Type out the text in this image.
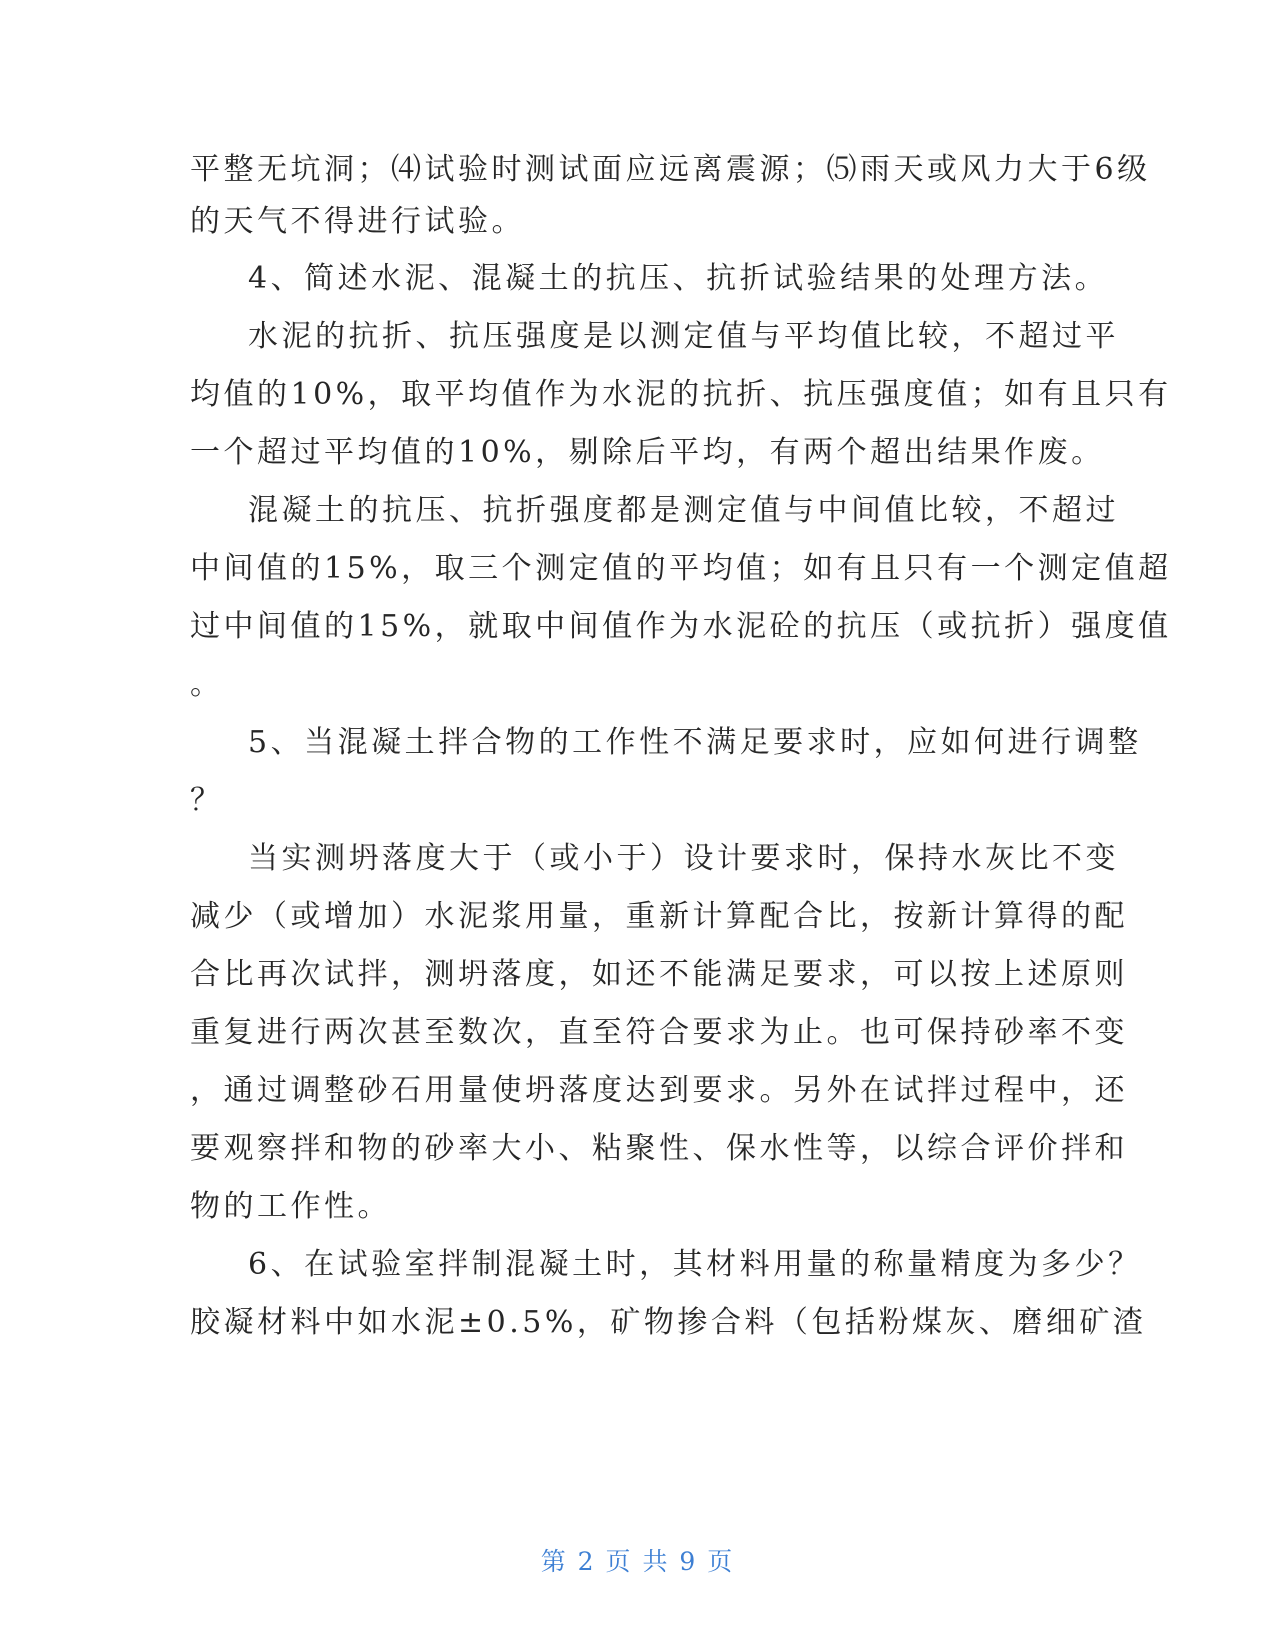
平整无坑洞；⑷试验时测试面应远离震源；⑸雨天或风力大于6级
的天气不得进行试验。
4、简述水泥、混凝土的抗压、抗折试验结果的处理方法。
水泥的抗折、抗压强度是以测定值与平均值比较，不超过平
均值的10%，取平均值作为水泥的抗折、抗压强度值；如有且只有
一个超过平均值的10%，剔除后平均，有两个超出结果作废。
混凝土的抗压、抗折强度都是测定值与中间值比较，不超过
中间值的15%，取三个测定值的平均值；如有且只有一个测定值超
过中间值的15%，就取中间值作为水泥砼的抗压（或抗折）强度值
。
5、当混凝土拌合物的工作性不满足要求时，应如何进行调整
？
当实测坍落度大于（或小于）设计要求时，保持水灰比不变
减少（或增加）水泥浆用量，重新计算配合比，按新计算得的配
合比再次试拌，测坍落度，如还不能满足要求，可以按上述原则
重复进行两次甚至数次，直至符合要求为止。也可保持砂率不变
，通过调整砂石用量使坍落度达到要求。另外在试拌过程中，还
要观察拌和物的砂率大小、粘聚性、保水性等，以综合评价拌和
物的工作性。
6、在试验室拌制混凝土时，其材料用量的称量精度为多少？
胶凝材料中如水泥±0.5%，矿物掺合料（包括粉煤灰、磨细矿渣
第 2 页 共 9 页
